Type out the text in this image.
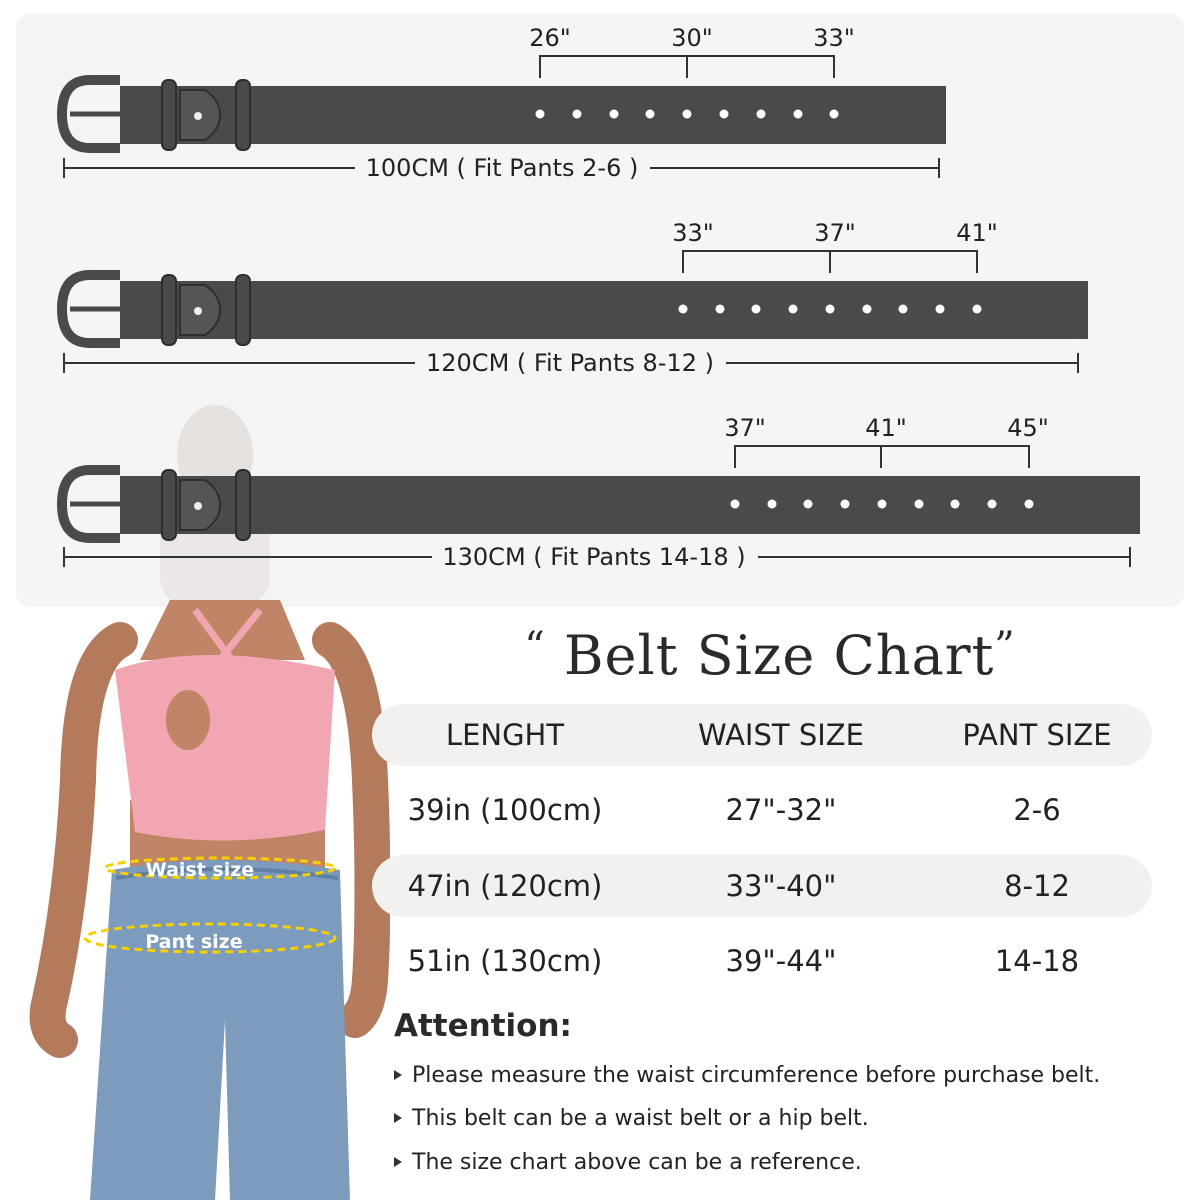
26"	30"	33"
100CM ( Fit Pants 2-6 )
33"	37"	41"
120CM ( Fit Pants 8-12 )
37"	41"	45"
130CM ( Fit Pants 14-18 )
Waist size
Pant size
“ Belt Size Chart”
LENGHT	WAIST SIZE	PANT SIZE
39in (100cm)	27"-32"	2-6
47in (120cm)	33"-40"	8-12
51in (130cm)	39"-44"	14-18
Attention:
Please measure the waist circumference before purchase belt.
This belt can be a waist belt or a hip belt.
The size chart above can be a reference.
